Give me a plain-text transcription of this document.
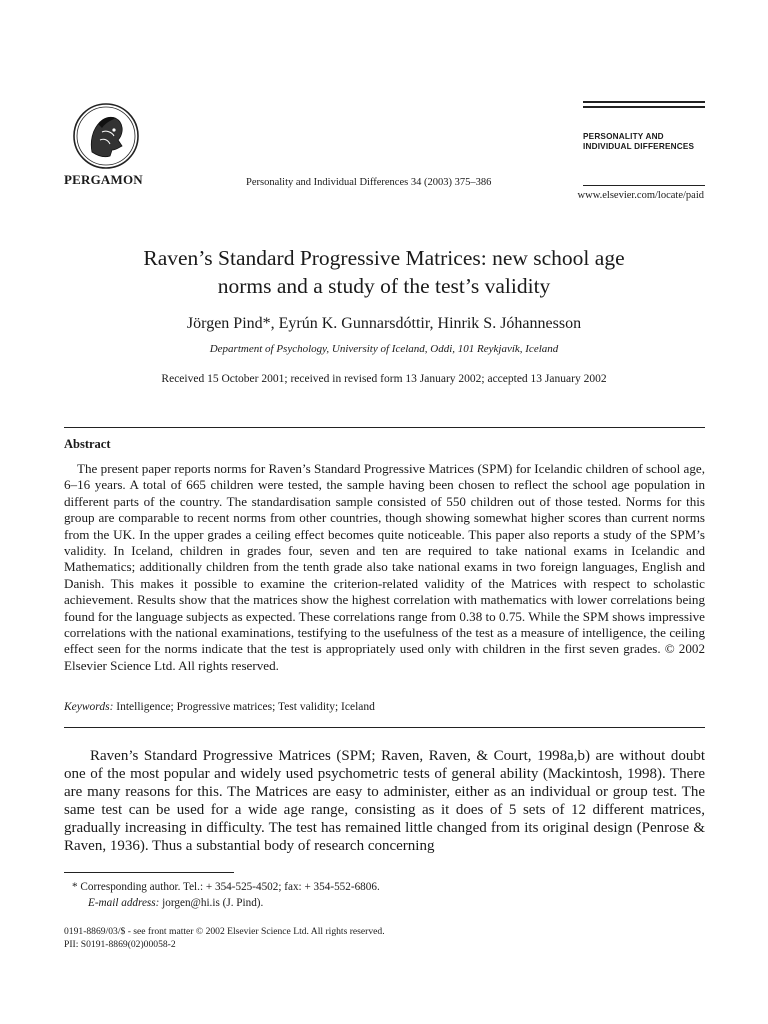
PERGAMON	Personality and Individual Differences 34 (2003) 375–386
PERSONALITY AND
INDIVIDUAL DIFFERENCES
www.elsevier.com/locate/paid
Raven’s Standard Progressive Matrices: new school age
norms and a study of the test’s validity
Jörgen Pind*, Eyrún K. Gunnarsdóttir, Hinrik S. Jóhannesson
Department of Psychology, University of Iceland, Oddi, 101 Reykjavík, Iceland
Received 15 October 2001; received in revised form 13 January 2002; accepted 13 January 2002
Abstract
The present paper reports norms for Raven’s Standard Progressive Matrices (SPM) for Icelandic children of school age, 6–16 years. A total of 665 children were tested, the sample having been chosen to reflect the school age population in different parts of the country. The standardisation sample consisted of 550 children out of those tested. Norms for this group are comparable to recent norms from other countries, though showing somewhat higher scores than current norms from the UK. In the upper grades a ceiling effect becomes quite noticeable. This paper also reports a study of the SPM’s validity. In Iceland, children in grades four, seven and ten are required to take national exams in Icelandic and Mathematics; additionally children from the tenth grade also take national exams in two foreign languages, English and Danish. This makes it possible to examine the criterion-related validity of the Matrices with respect to scholastic achievement. Results show that the matrices show the highest correlation with mathematics with lower correlations being found for the language subjects as expected. These correlations range from 0.38 to 0.75. While the SPM shows impressive correlations with the national examinations, testifying to the usefulness of the test as a measure of intelligence, the ceiling effect seen for the norms indicate that the test is appropriately used only with children in the first seven grades. © 2002 Elsevier Science Ltd. All rights reserved.
Keywords: Intelligence; Progressive matrices; Test validity; Iceland
Raven’s Standard Progressive Matrices (SPM; Raven, Raven, & Court, 1998a,b) are without doubt one of the most popular and widely used psychometric tests of general ability (Mackintosh, 1998). There are many reasons for this. The Matrices are easy to administer, either as an individual or group test. The same test can be used for a wide age range, consisting as it does of 5 sets of 12 different matrices, gradually increasing in difficulty. The test has remained little changed from its original design (Penrose & Raven, 1936). Thus a substantial body of research concerning
* Corresponding author. Tel.: + 354-525-4502; fax: + 354-552-6806.
E-mail address: jorgen@hi.is (J. Pind).
0191-8869/03/$ - see front matter © 2002 Elsevier Science Ltd. All rights reserved.
PII: S0191-8869(02)00058-2
